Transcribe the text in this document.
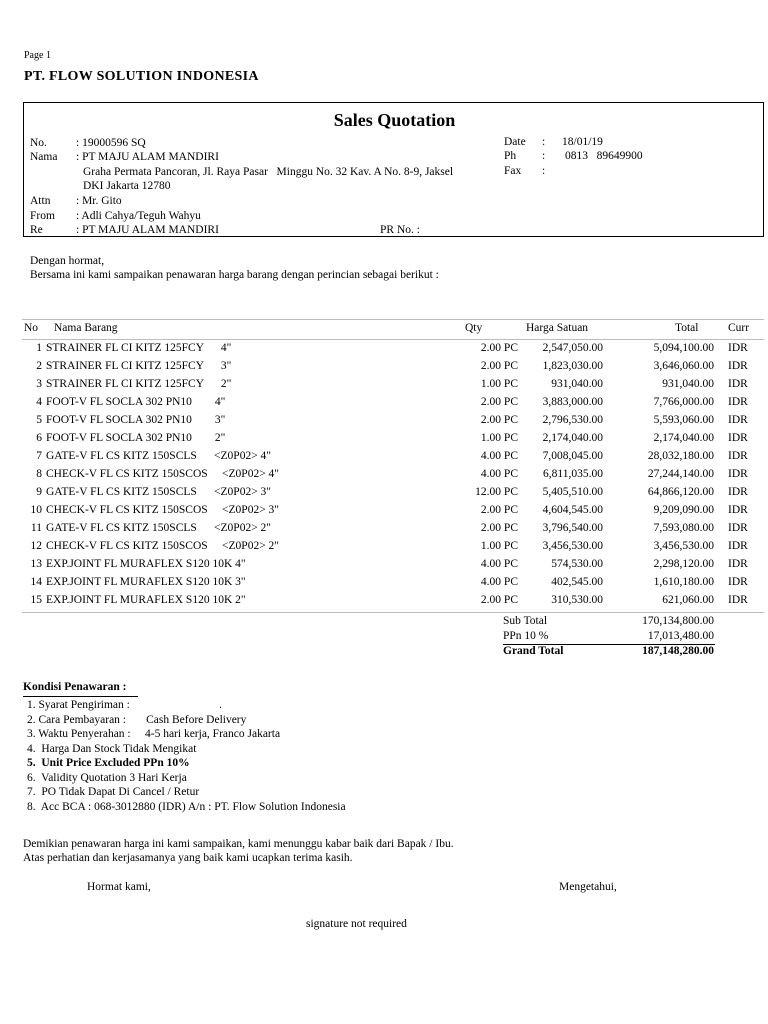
Page 1
PT. FLOW SOLUTION INDONESIA
Sales Quotation
No.	: 19000596 SQ
Nama : PT MAJU ALAM MANDIRI
Graha Permata Pancoran, Jl. Raya Pasar   Minggu No. 32 Kav. A No. 8-9, Jaksel
DKI Jakarta 12780
Attn : Mr. Gito
From : Adli Cahya/Teguh Wahyu
Re	: PT MAJU ALAM MANDIRI	PR No. :
Date : 18/01/19
Ph : 0813   89649900
Fax :
Dengan hormat,
Bersama ini kami sampaikan penawaran harga barang dengan perincian sebagai berikut :
No Nama Barang	Qty	Harga Satuan	Total	Curr
1 STRAINER FL CI KITZ 125FCY      4"	2.00 PC	2,547,050.00	5,094,100.00 IDR
2 STRAINER FL CI KITZ 125FCY      3"	2.00 PC	1,823,030.00	3,646,060.00 IDR
3 STRAINER FL CI KITZ 125FCY      2"	1.00 PC	931,040.00	931,040.00 IDR
4 FOOT-V FL SOCLA 302 PN10        4"	2.00 PC	3,883,000.00	7,766,000.00 IDR
5 FOOT-V FL SOCLA 302 PN10        3"	2.00 PC	2,796,530.00	5,593,060.00 IDR
6 FOOT-V FL SOCLA 302 PN10        2"	1.00 PC	2,174,040.00	2,174,040.00 IDR
7 GATE-V FL CS KITZ 150SCLS      <Z0P02> 4"	4.00 PC	7,008,045.00	28,032,180.00 IDR
8 CHECK-V FL CS KITZ 150SCOS     <Z0P02> 4"	4.00 PC	6,811,035.00	27,244,140.00 IDR
9 GATE-V FL CS KITZ 150SCLS      <Z0P02> 3"	12.00 PC	5,405,510.00	64,866,120.00 IDR
10 CHECK-V FL CS KITZ 150SCOS     <Z0P02> 3"	2.00 PC	4,604,545.00	9,209,090.00 IDR
11 GATE-V FL CS KITZ 150SCLS      <Z0P02> 2"	2.00 PC	3,796,540.00	7,593,080.00 IDR
12 CHECK-V FL CS KITZ 150SCOS     <Z0P02> 2"	1.00 PC	3,456,530.00	3,456,530.00 IDR
13 EXP.JOINT FL MURAFLEX S120 10K 4"	4.00 PC	574,530.00	2,298,120.00 IDR
14 EXP.JOINT FL MURAFLEX S120 10K 3"	4.00 PC	402,545.00	1,610,180.00 IDR
15 EXP.JOINT FL MURAFLEX S120 10K 2"	2.00 PC	310,530.00	621,060.00 IDR
Sub Total	170,134,800.00
PPn 10 %	17,013,480.00
Grand Total	187,148,280.00
Kondisi Penawaran :
1. Syarat Pengiriman :                               .
2. Cara Pembayaran :       Cash Before Delivery
3. Waktu Penyerahan :     4-5 hari kerja, Franco Jakarta
4.  Harga Dan Stock Tidak Mengikat
5.  Unit Price Excluded PPn 10%
6.  Validity Quotation 3 Hari Kerja
7.  PO Tidak Dapat Di Cancel / Retur
8.  Acc BCA : 068-3012880 (IDR) A/n : PT. Flow Solution Indonesia
Demikian penawaran harga ini kami sampaikan, kami menunggu kabar baik dari Bapak / Ibu.
Atas perhatian dan kerjasamanya yang baik kami ucapkan terima kasih.
Hormat kami,	Mengetahui,
signature not required
